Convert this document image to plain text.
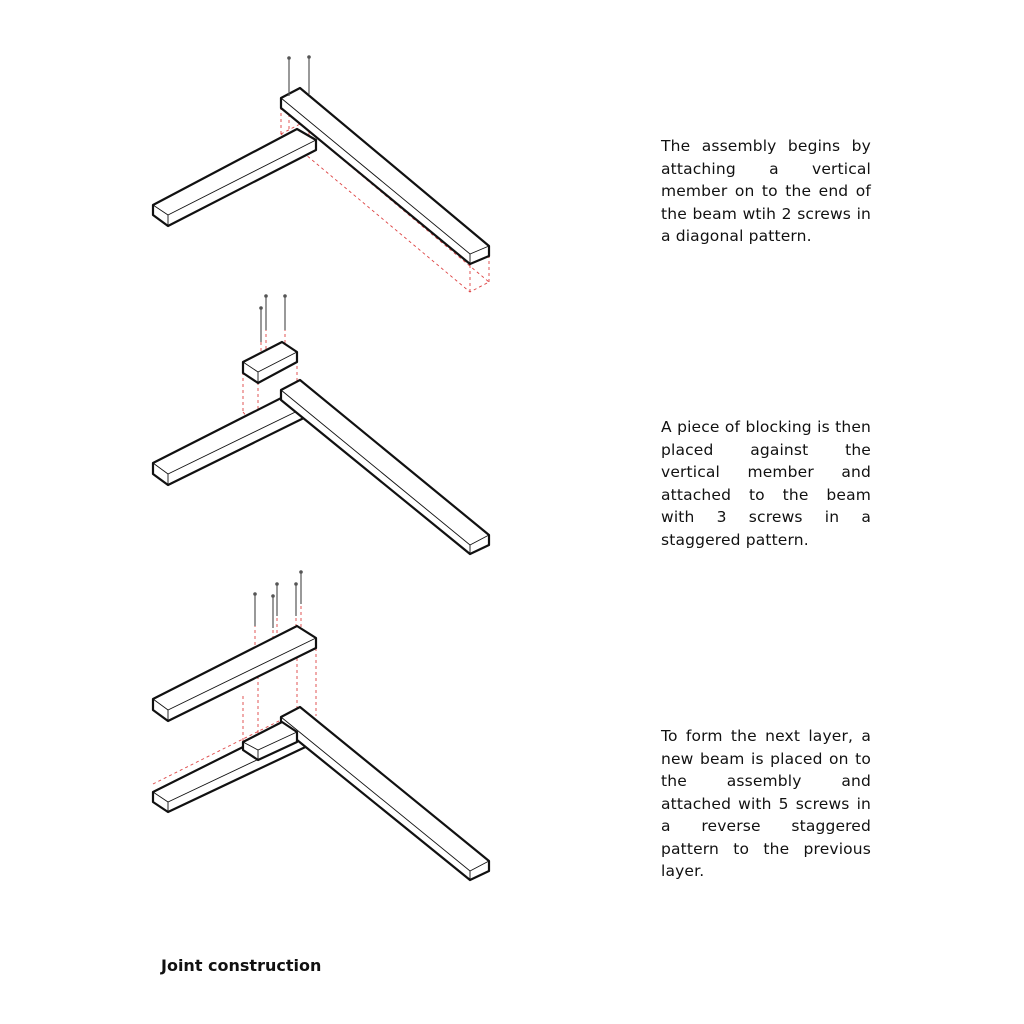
The assembly begins by attaching a vertical member on to the end of the beam wtih 2 screws in a diagonal pattern.
A piece of blocking is then placed against the vertical member and attached to the beam with 3 screws in a staggered pattern.
To form the next layer, a new beam is placed on to the assembly and attached with 5 screws in a reverse staggered pattern to the previous layer.
Joint construction
